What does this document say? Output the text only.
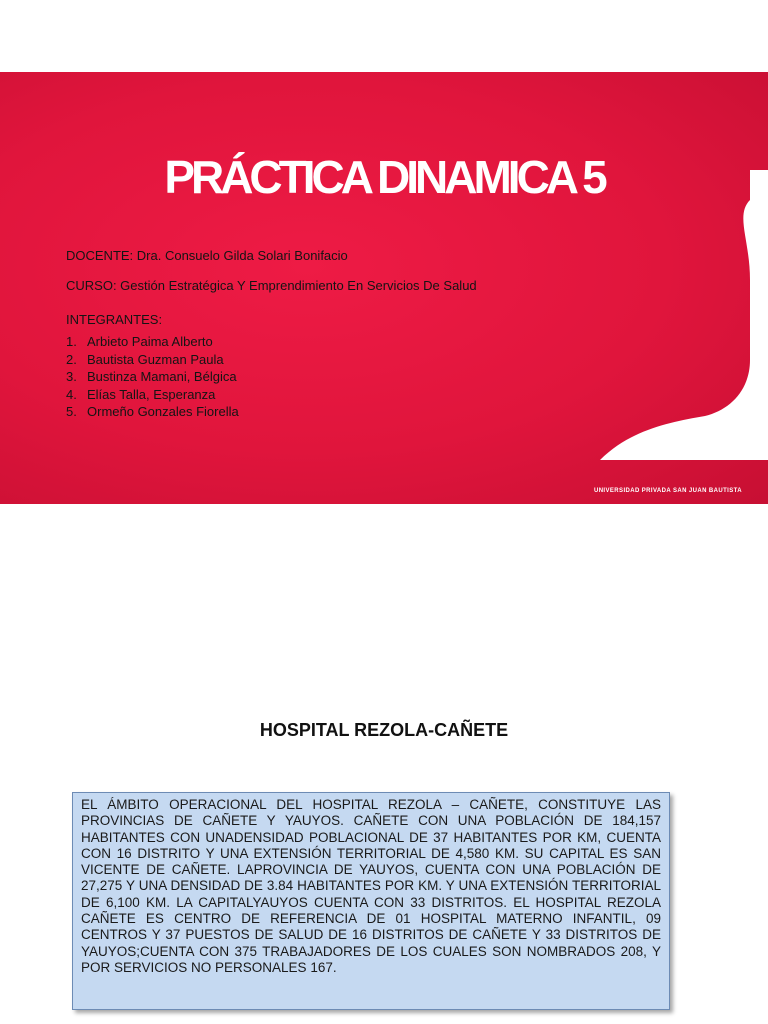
PRÁCTICA DINAMICA 5
DOCENTE: Dra. Consuelo Gilda Solari Bonifacio
CURSO: Gestión Estratégica Y Emprendimiento En Servicios De Salud
INTEGRANTES:
1. Arbieto Paima Alberto
2. Bautista Guzman Paula
3. Bustinza Mamani, Bélgica
4. Elías Talla, Esperanza
5. Ormeño Gonzales Fiorella
UNIVERSIDAD PRIVADA SAN JUAN BAUTISTA
HOSPITAL REZOLA-CAÑETE

EL ÁMBITO OPERACIONAL DEL HOSPITAL REZOLA – CAÑETE, CONSTITUYE LAS PROVINCIAS DE CAÑETE Y YAUYOS. CAÑETE CON UNA POBLACIÓN DE 184,157 HABITANTES CON UNADENSIDAD POBLACIONAL DE 37 HABITANTES POR KM, CUENTA CON 16 DISTRITO Y UNA EXTENSIÓN TERRITORIAL DE 4,580 KM. SU CAPITAL ES SAN VICENTE DE CAÑETE. LAPROVINCIA DE YAUYOS, CUENTA CON UNA POBLACIÓN DE 27,275 Y UNA DENSIDAD DE 3.84 HABITANTES POR KM. Y UNA EXTENSIÓN TERRITORIAL DE 6,100 KM. LA CAPITALYAUYOS CUENTA CON 33 DISTRITOS. EL HOSPITAL REZOLA CAÑETE ES CENTRO DE REFERENCIA DE 01 HOSPITAL MATERNO INFANTIL, 09 CENTROS Y 37 PUESTOS DE SALUD DE 16 DISTRITOS DE CAÑETE Y 33 DISTRITOS DE YAUYOS;CUENTA CON 375 TRABAJADORES DE LOS CUALES SON NOMBRADOS 208, Y POR SERVICIOS NO PERSONALES 167.
